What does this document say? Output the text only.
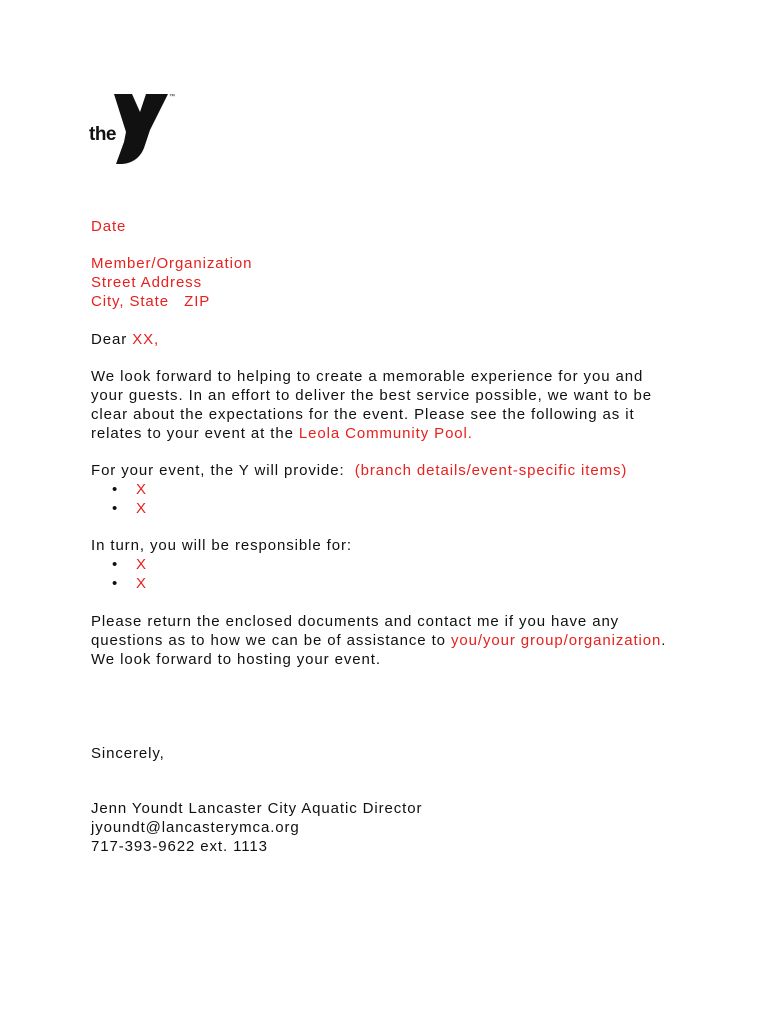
the
YMCA
™
Date
Member/Organization
Street Address
City, State   ZIP
Dear XX,
We look forward to helping to create a memorable experience for you and
your guests. In an effort to deliver the best service possible, we want to be
clear about the expectations for the event. Please see the following as it
relates to your event at the Leola Community Pool.
For your event, the Y will provide:  (branch details/event-specific items)
• X
• X
In turn, you will be responsible for:
• X
• X
Please return the enclosed documents and contact me if you have any
questions as to how we can be of assistance to you/your group/organization.
We look forward to hosting your event.
Sincerely,
Jenn Youndt Lancaster City Aquatic Director
jyoundt@lancasterymca.org
717-393-9622 ext. 1113
